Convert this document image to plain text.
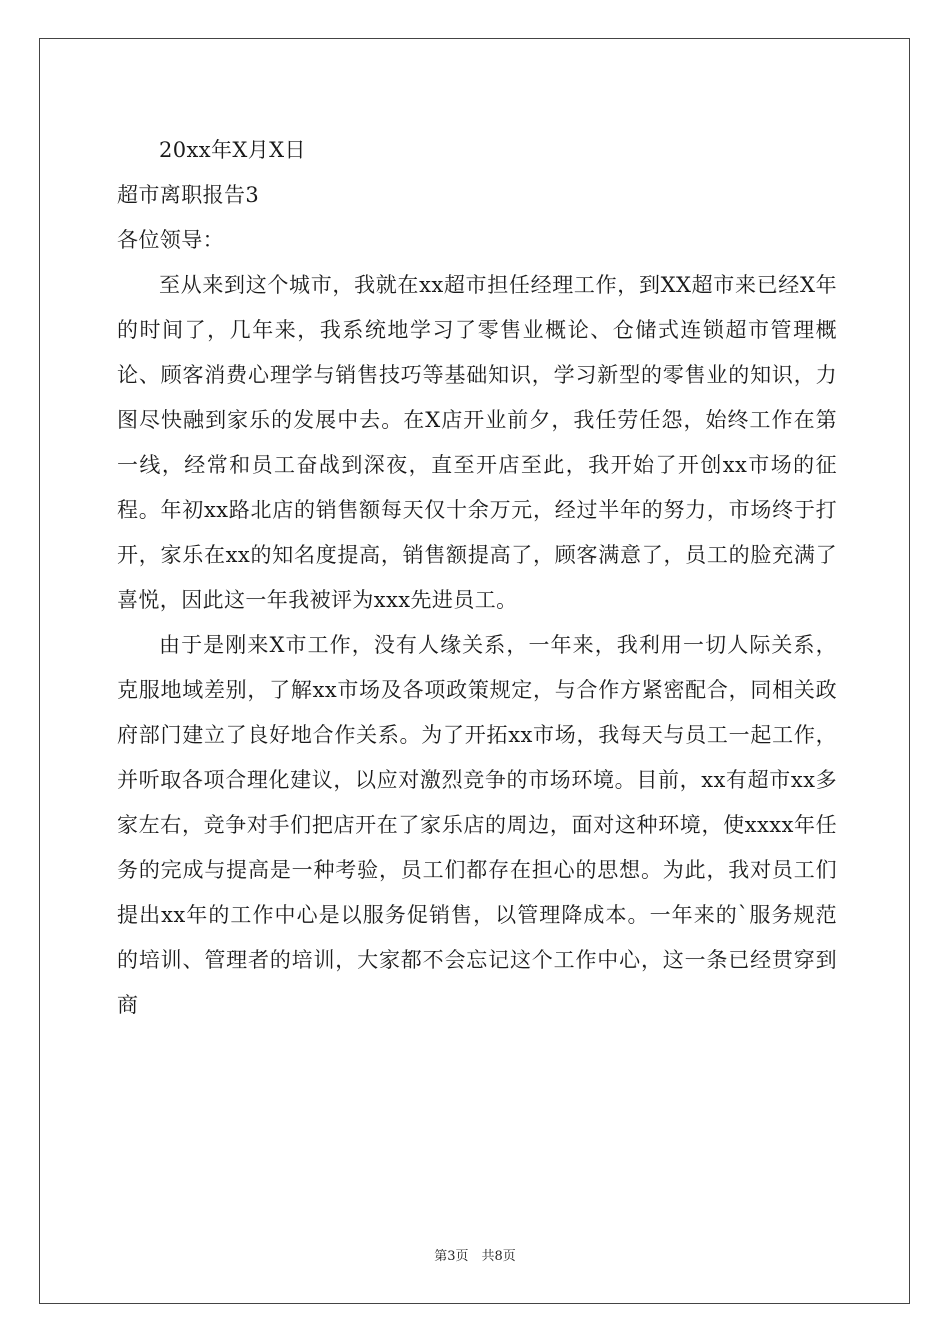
20xx年X月X日
超市离职报告3
各位领导：

至从来到这个城市，我就在xx超市担任经理工作，到XX超市来已经X年的时间了，几年来，我系统地学习了零售业概论、仓储式连锁超市管理概论、顾客消费心理学与销售技巧等基础知识，学习新型的零售业的知识，力图尽快融到家乐的发展中去。在X店开业前夕，我任劳任怨，始终工作在第一线，经常和员工奋战到深夜，直至开店至此，我开始了开创xx市场的征程。年初xx路北店的销售额每天仅十余万元，经过半年的努力，市场终于打开，家乐在xx的知名度提高，销售额提高了，顾客满意了，员工的脸充满了喜悦，因此这一年我被评为xxx先进员工。

由于是刚来X市工作，没有人缘关系，一年来，我利用一切人际关系，克服地域差别，了解xx市场及各项政策规定，与合作方紧密配合，同相关政府部门建立了良好地合作关系。为了开拓xx市场，我每天与员工一起工作，并听取各项合理化建议，以应对激烈竞争的市场环境。目前，xx有超市xx多家左右，竞争对手们把店开在了家乐店的周边，面对这种环境，使xxxx年任务的完成与提高是一种考验，员工们都存在担心的思想。为此，我对员工们提出xx年的工作中心是以服务促销售，以管理降成本。一年来的`服务规范的培训、管理者的培训，大家都不会忘记这个工作中心，这一条已经贯穿到商

第3页　共8页
